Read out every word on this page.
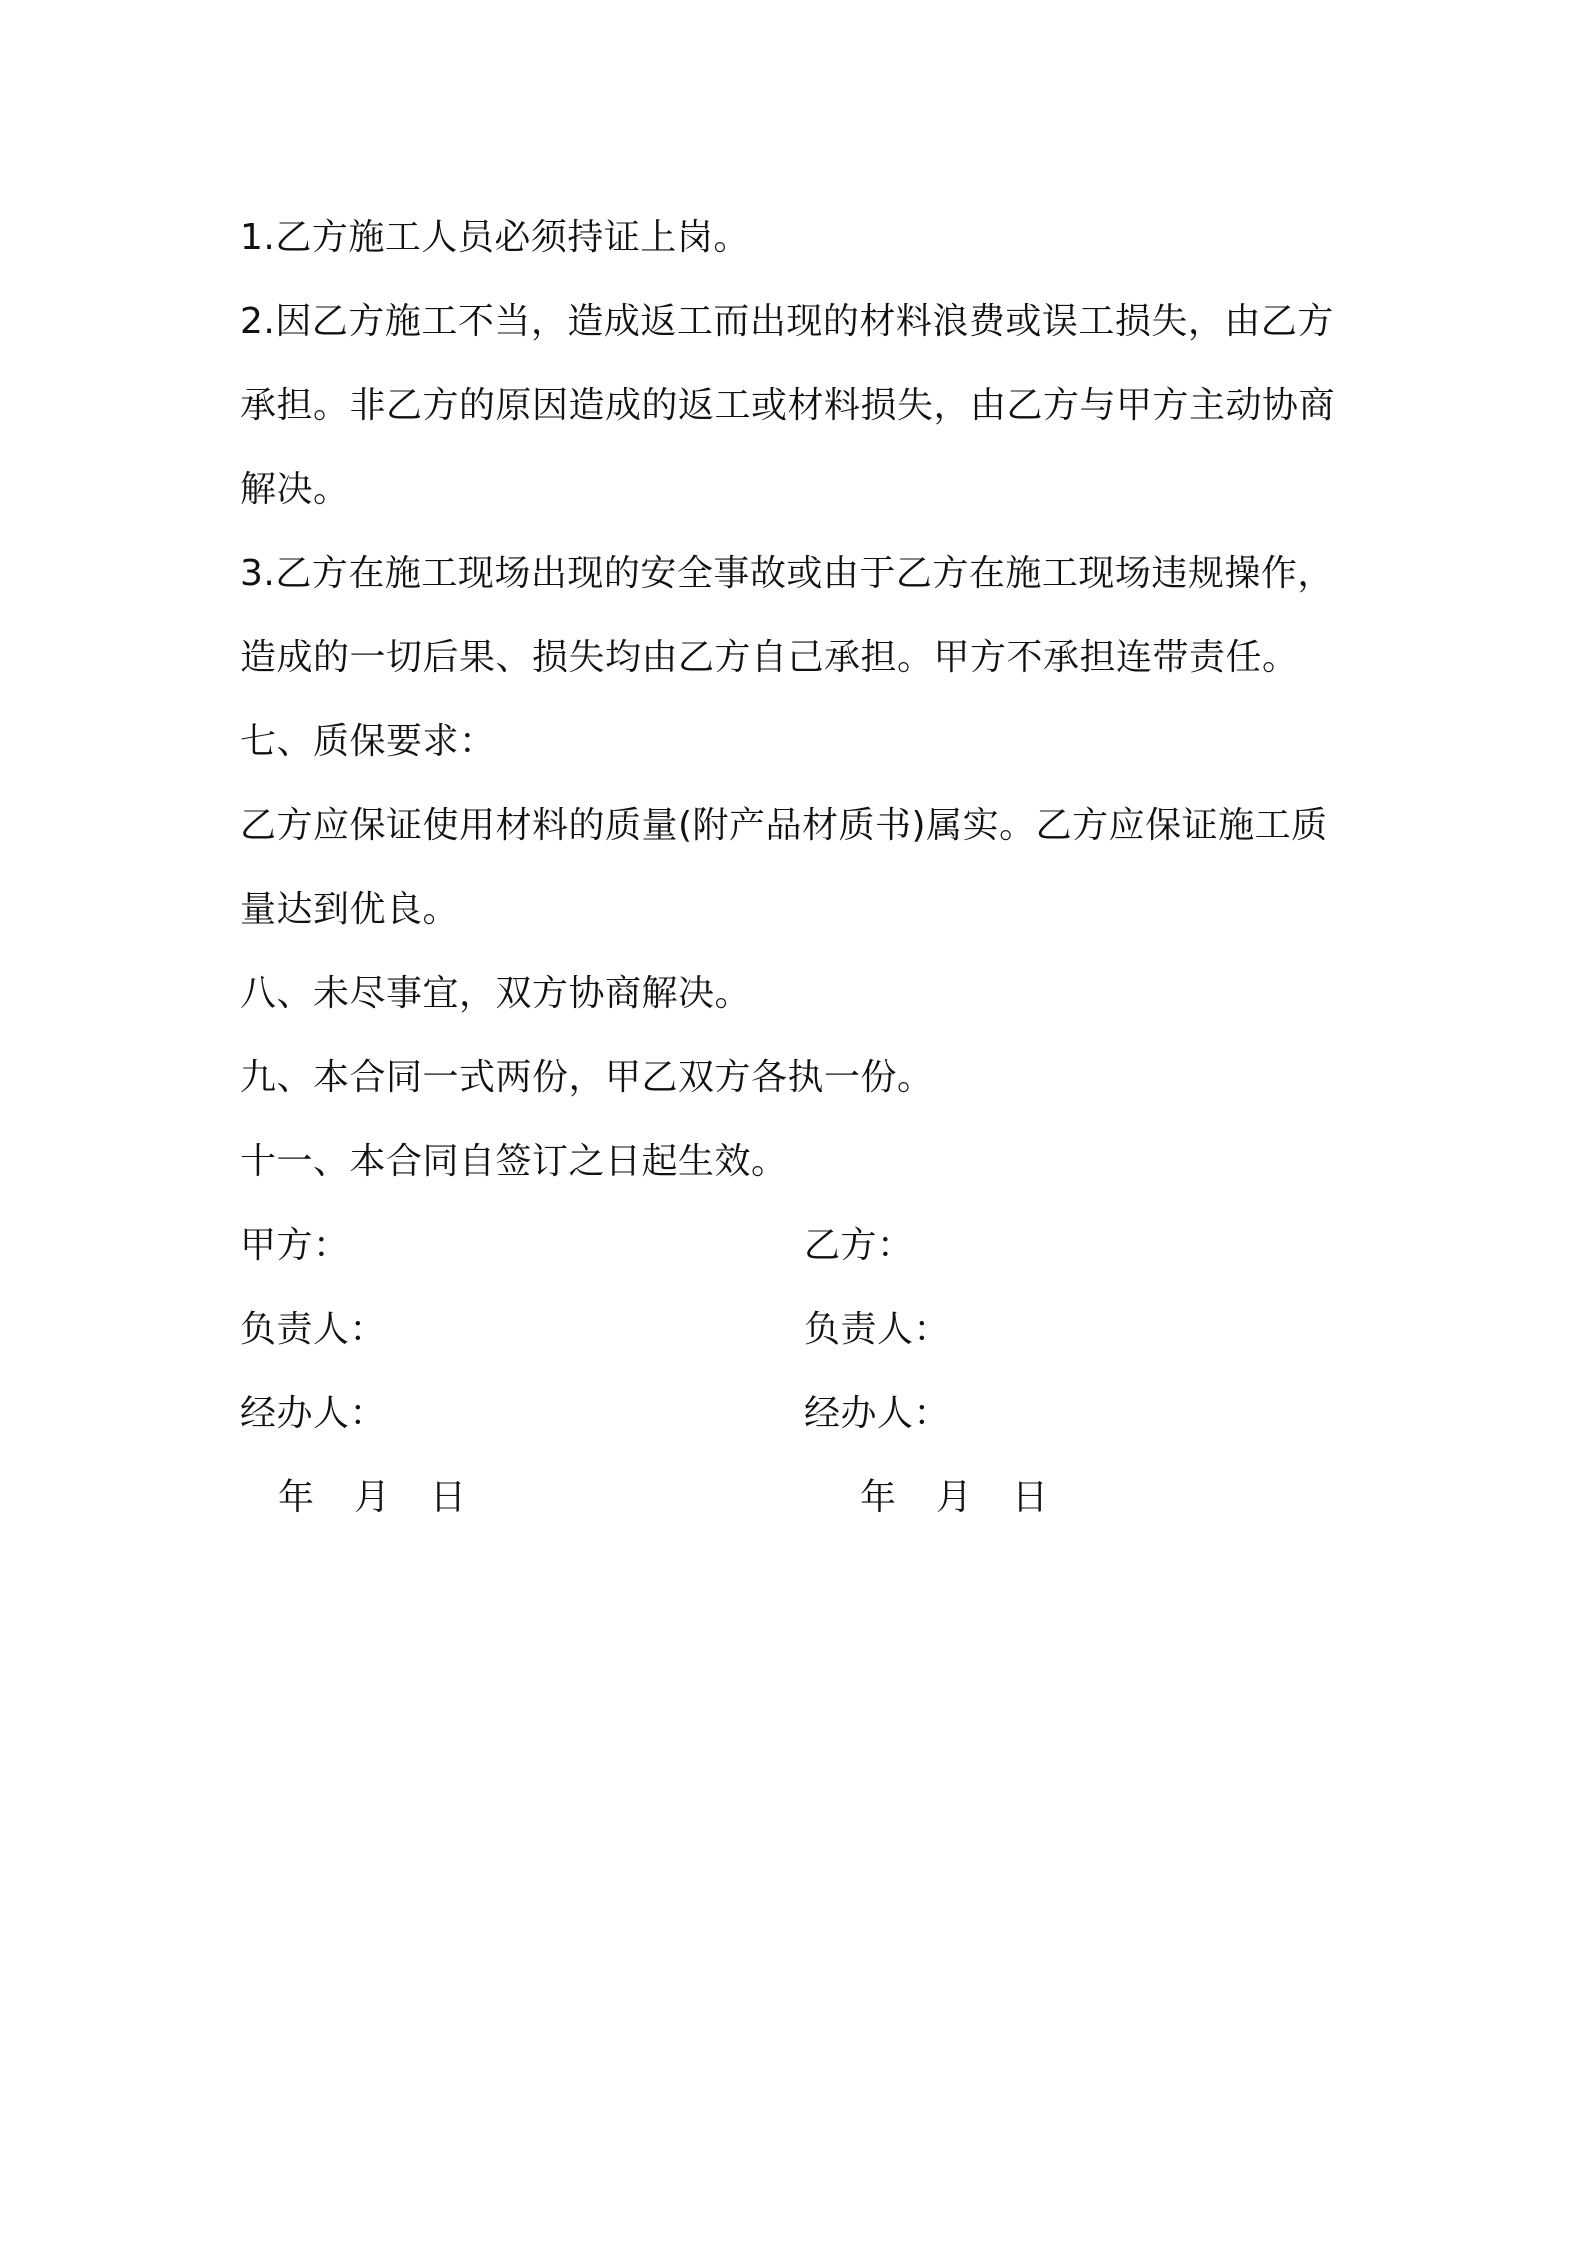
1.乙方施工人员必须持证上岗。

2.因乙方施工不当，造成返工而出现的材料浪费或误工损失，由乙方承担。非乙方的原因造成的返工或材料损失，由乙方与甲方主动协商解决。

3.乙方在施工现场出现的安全事故或由于乙方在施工现场违规操作，造成的一切后果、损失均由乙方自己承担。甲方不承担连带责任。

七、质保要求：

乙方应保证使用材料的质量(附产品材质书)属实。乙方应保证施工质量达到优良。

八、未尽事宜，双方协商解决。

九、本合同一式两份，甲乙双方各执一份。

十一、本合同自签订之日起生效。

甲方：	乙方：
负责人：	负责人：
经办人：	经办人：
年 月 日	年 月 日
